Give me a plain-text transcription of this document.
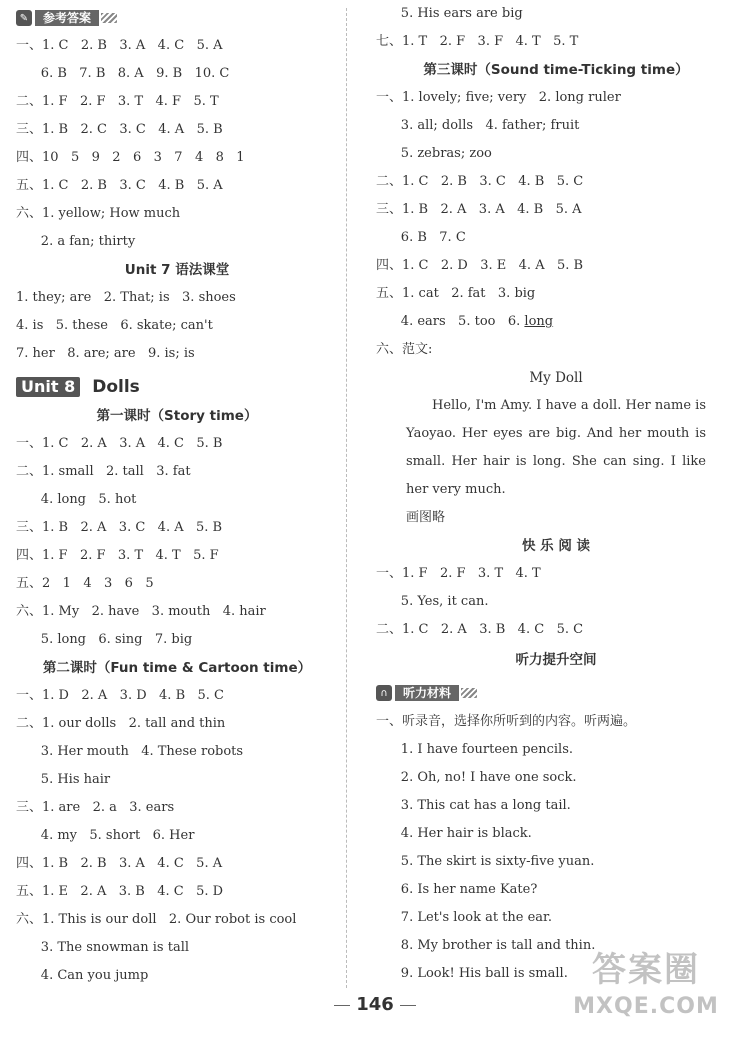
✎	参考答案
一、1. C   2. B   3. A   4. C   5. A
6. B   7. B   8. A   9. B   10. C
二、1. F   2. F   3. T   4. F   5. T
三、1. B   2. C   3. C   4. A   5. B
四、10   5   9   2   6   3   7   4   8   1
五、1. C   2. B   3. C   4. B   5. A
六、1. yellow; How much
2. a fan; thirty
Unit 7 语法课堂
1. they; are   2. That; is   3. shoes
4. is   5. these   6. skate; can't
7. her   8. are; are   9. is; is
Unit 8 Dolls
第一课时（Story time）
一、1. C   2. A   3. A   4. C   5. B
二、1. small   2. tall   3. fat
4. long   5. hot
三、1. B   2. A   3. C   4. A   5. B
四、1. F   2. F   3. T   4. T   5. F
五、2   1   4   3   6   5
六、1. My   2. have   3. mouth   4. hair
5. long   6. sing   7. big
第二课时（Fun time & Cartoon time）
一、1. D   2. A   3. D   4. B   5. C
二、1. our dolls   2. tall and thin
3. Her mouth   4. These robots
5. His hair
三、1. are   2. a   3. ears
4. my   5. short   6. Her
四、1. B   2. B   3. A   4. C   5. A
五、1. E   2. A   3. B   4. C   5. D
六、1. This is our doll   2. Our robot is cool
3. The snowman is tall
4. Can you jump
5. His ears are big
七、1. T   2. F   3. F   4. T   5. T
第三课时（Sound time-Ticking time）
一、1. lovely; five; very   2. long ruler
3. all; dolls   4. father; fruit
5. zebras; zoo
二、1. C   2. B   3. C   4. B   5. C
三、1. B   2. A   3. A   4. B   5. A
6. B   7. C
四、1. C   2. D   3. E   4. A   5. B
五、1. cat   2. fat   3. big
4. ears   5. too   6. long
六、范文:
My Doll
Hello, I'm Amy. I have a doll. Her name is Yaoyao. Her eyes are big. And her mouth is small. Her hair is long. She can sing. I like her very much.
画图略
快 乐 阅 读
一、1. F   2. F   3. T   4. T
5. Yes, it can.
二、1. C   2. A   3. B   4. C   5. C
听力提升空间
∩	听力材料
一、听录音，选择你所听到的内容。听两遍。
1. I have fourteen pencils.
2. Oh, no! I have one sock.
3. This cat has a long tail.
4. Her hair is black.
5. The skirt is sixty-five yuan.
6. Is her name Kate?
7. Let's look at the ear.
8. My brother is tall and thin.
9. Look! His ball is small.
146
答案圈
MXQE.COM
